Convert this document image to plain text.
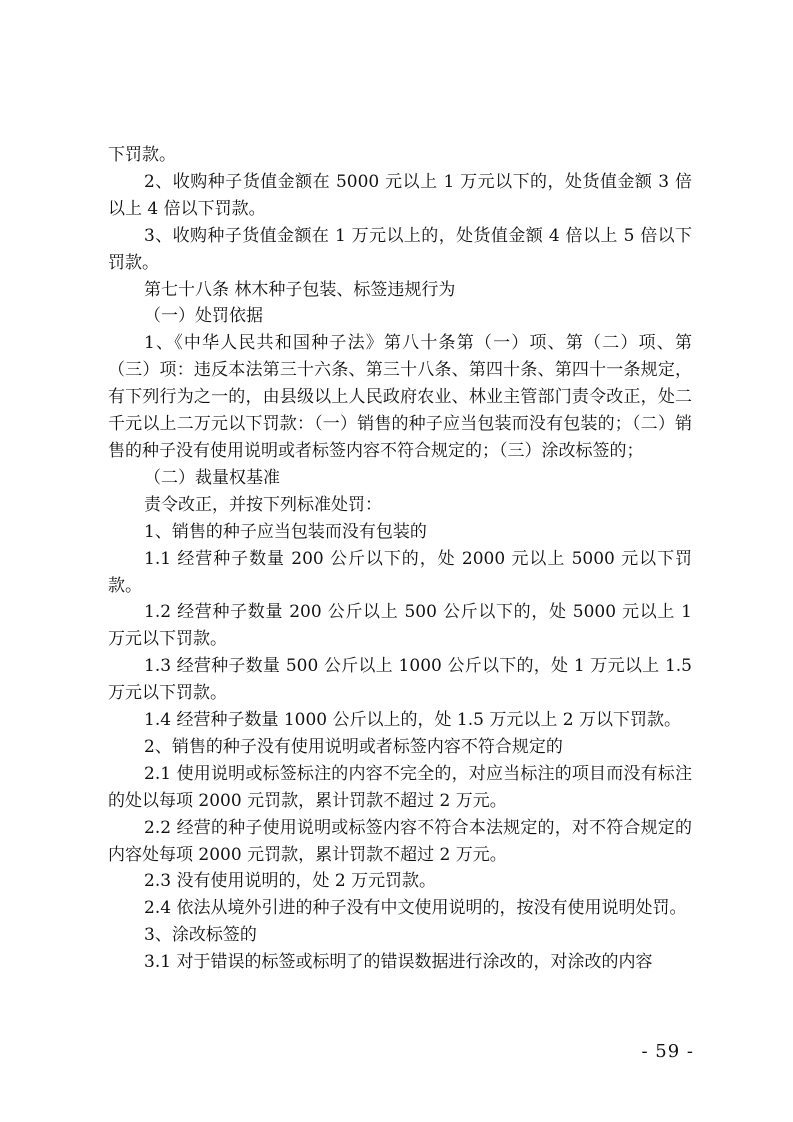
下罚款。

2、收购种子货值金额在 5000 元以上 1 万元以下的，处货值金额 3 倍以上 4 倍以下罚款。

3、收购种子货值金额在 1 万元以上的，处货值金额 4 倍以上 5 倍以下罚款。

第七十八条 林木种子包装、标签违规行为

（一）处罚依据

1、《中华人民共和国种子法》第八十条第（一）项、第（二）项、第（三）项：违反本法第三十六条、第三十八条、第四十条、第四十一条规定，有下列行为之一的，由县级以上人民政府农业、林业主管部门责令改正，处二千元以上二万元以下罚款：（一）销售的种子应当包装而没有包装的；（二）销售的种子没有使用说明或者标签内容不符合规定的；（三）涂改标签的；

（二）裁量权基准

责令改正，并按下列标准处罚：

1、销售的种子应当包装而没有包装的

1.1 经营种子数量 200 公斤以下的，处 2000 元以上 5000 元以下罚款。

1.2 经营种子数量 200 公斤以上 500 公斤以下的，处 5000 元以上 1 万元以下罚款。

1.3 经营种子数量 500 公斤以上 1000 公斤以下的，处 1 万元以上 1.5 万元以下罚款。

1.4 经营种子数量 1000 公斤以上的，处 1.5 万元以上 2 万以下罚款。

2、销售的种子没有使用说明或者标签内容不符合规定的

2.1 使用说明或标签标注的内容不完全的，对应当标注的项目而没有标注的处以每项 2000 元罚款，累计罚款不超过 2 万元。

2.2 经营的种子使用说明或标签内容不符合本法规定的，对不符合规定的内容处每项 2000 元罚款，累计罚款不超过 2 万元。

2.3 没有使用说明的，处 2 万元罚款。

2.4 依法从境外引进的种子没有中文使用说明的，按没有使用说明处罚。

3、涂改标签的

3.1 对于错误的标签或标明了的错误数据进行涂改的，对涂改的内容

- 59 -
